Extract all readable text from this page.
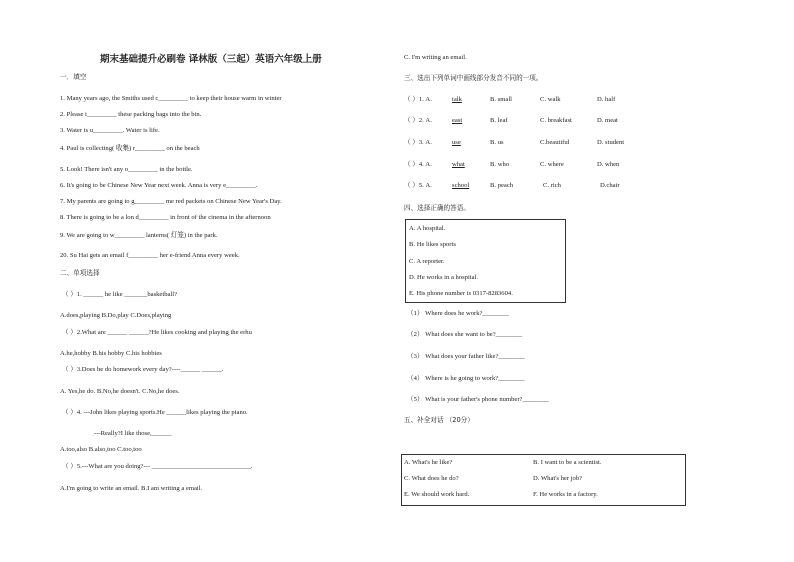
期末基础提升必刷卷 译林版（三起）英语六年级上册
一．填空
1. Many years ago, the Smiths used c_________ to keep their house warm in winter
2. Please t_________ these packing bags into the bin.
3. Water is u_________. Water is life.
4. Paul is collecting( 收集) r_________ on the beach
5. Look! There isn't any o_________ in the bottle.
6. It's going to be Chinese New Year next week. Anna is very e_________.
7. My parents are going to g_________ me red packets on Chinese New Year's Day.
8. There is going to be a lon d_________ in front of the cinema in the afternoon
9. We are going to w_________ lanterns( 灯笼) in the park.
20. Su Hai gets an email f_________ her e-friend Anna every week.
二、单项选择
（ ）1. ______ he like _______basketball?
A.does,playing B.Do,play C.Does,playing
（ ）2.What are ______ ______?He likes cooking and playing the erhu
A.he,hobby B.his hobby C.his hobbies
（ ）3.Does he do homework every day?----______ ______.
A. Yes,he do. B.No,he doesn't. C.No,he does.
（ ）4. ---John likes playing sports.He ______likes playing the piano.
---Really?I like those,______
A.too,also B.also,too C.too,too
（ ）5.---What are you doing?--- ______________________________.
A.I'm going to write an email. B.I am writing a email.
C. I'm writing an email.
三、选出下列单词中画线部分发音不同的一项。
（ ）1. A.	talk	B. small	C. walk	D. half
（ ）2. A.	east	B. leaf	C. breakfast	D. meat
（ ）3. A.	use	B. us	C.beautiful	D. student
（ ）4. A.	what	B. who	C. where	D. when
（ ）5. A.	school	B. peach	C. rich	D.chair
四、选择正确的答语。
A. A hospital.
B. He likes sports
C. A reporter.
D. He works in a hospital.
E. His phone number is 0317-8283604.
（1） Where does he work?________
（2） What does she want to be?________
（3） What does your father like?________
（4） Where is he going to work?________
（5） What is your father's phone number?________
五、补全对话 （20分）
A. What's he like?	B. I want to be a scientist.
C. What does he do?	D. What's her job?
E. We should work hard.	F. He works in a factory.
